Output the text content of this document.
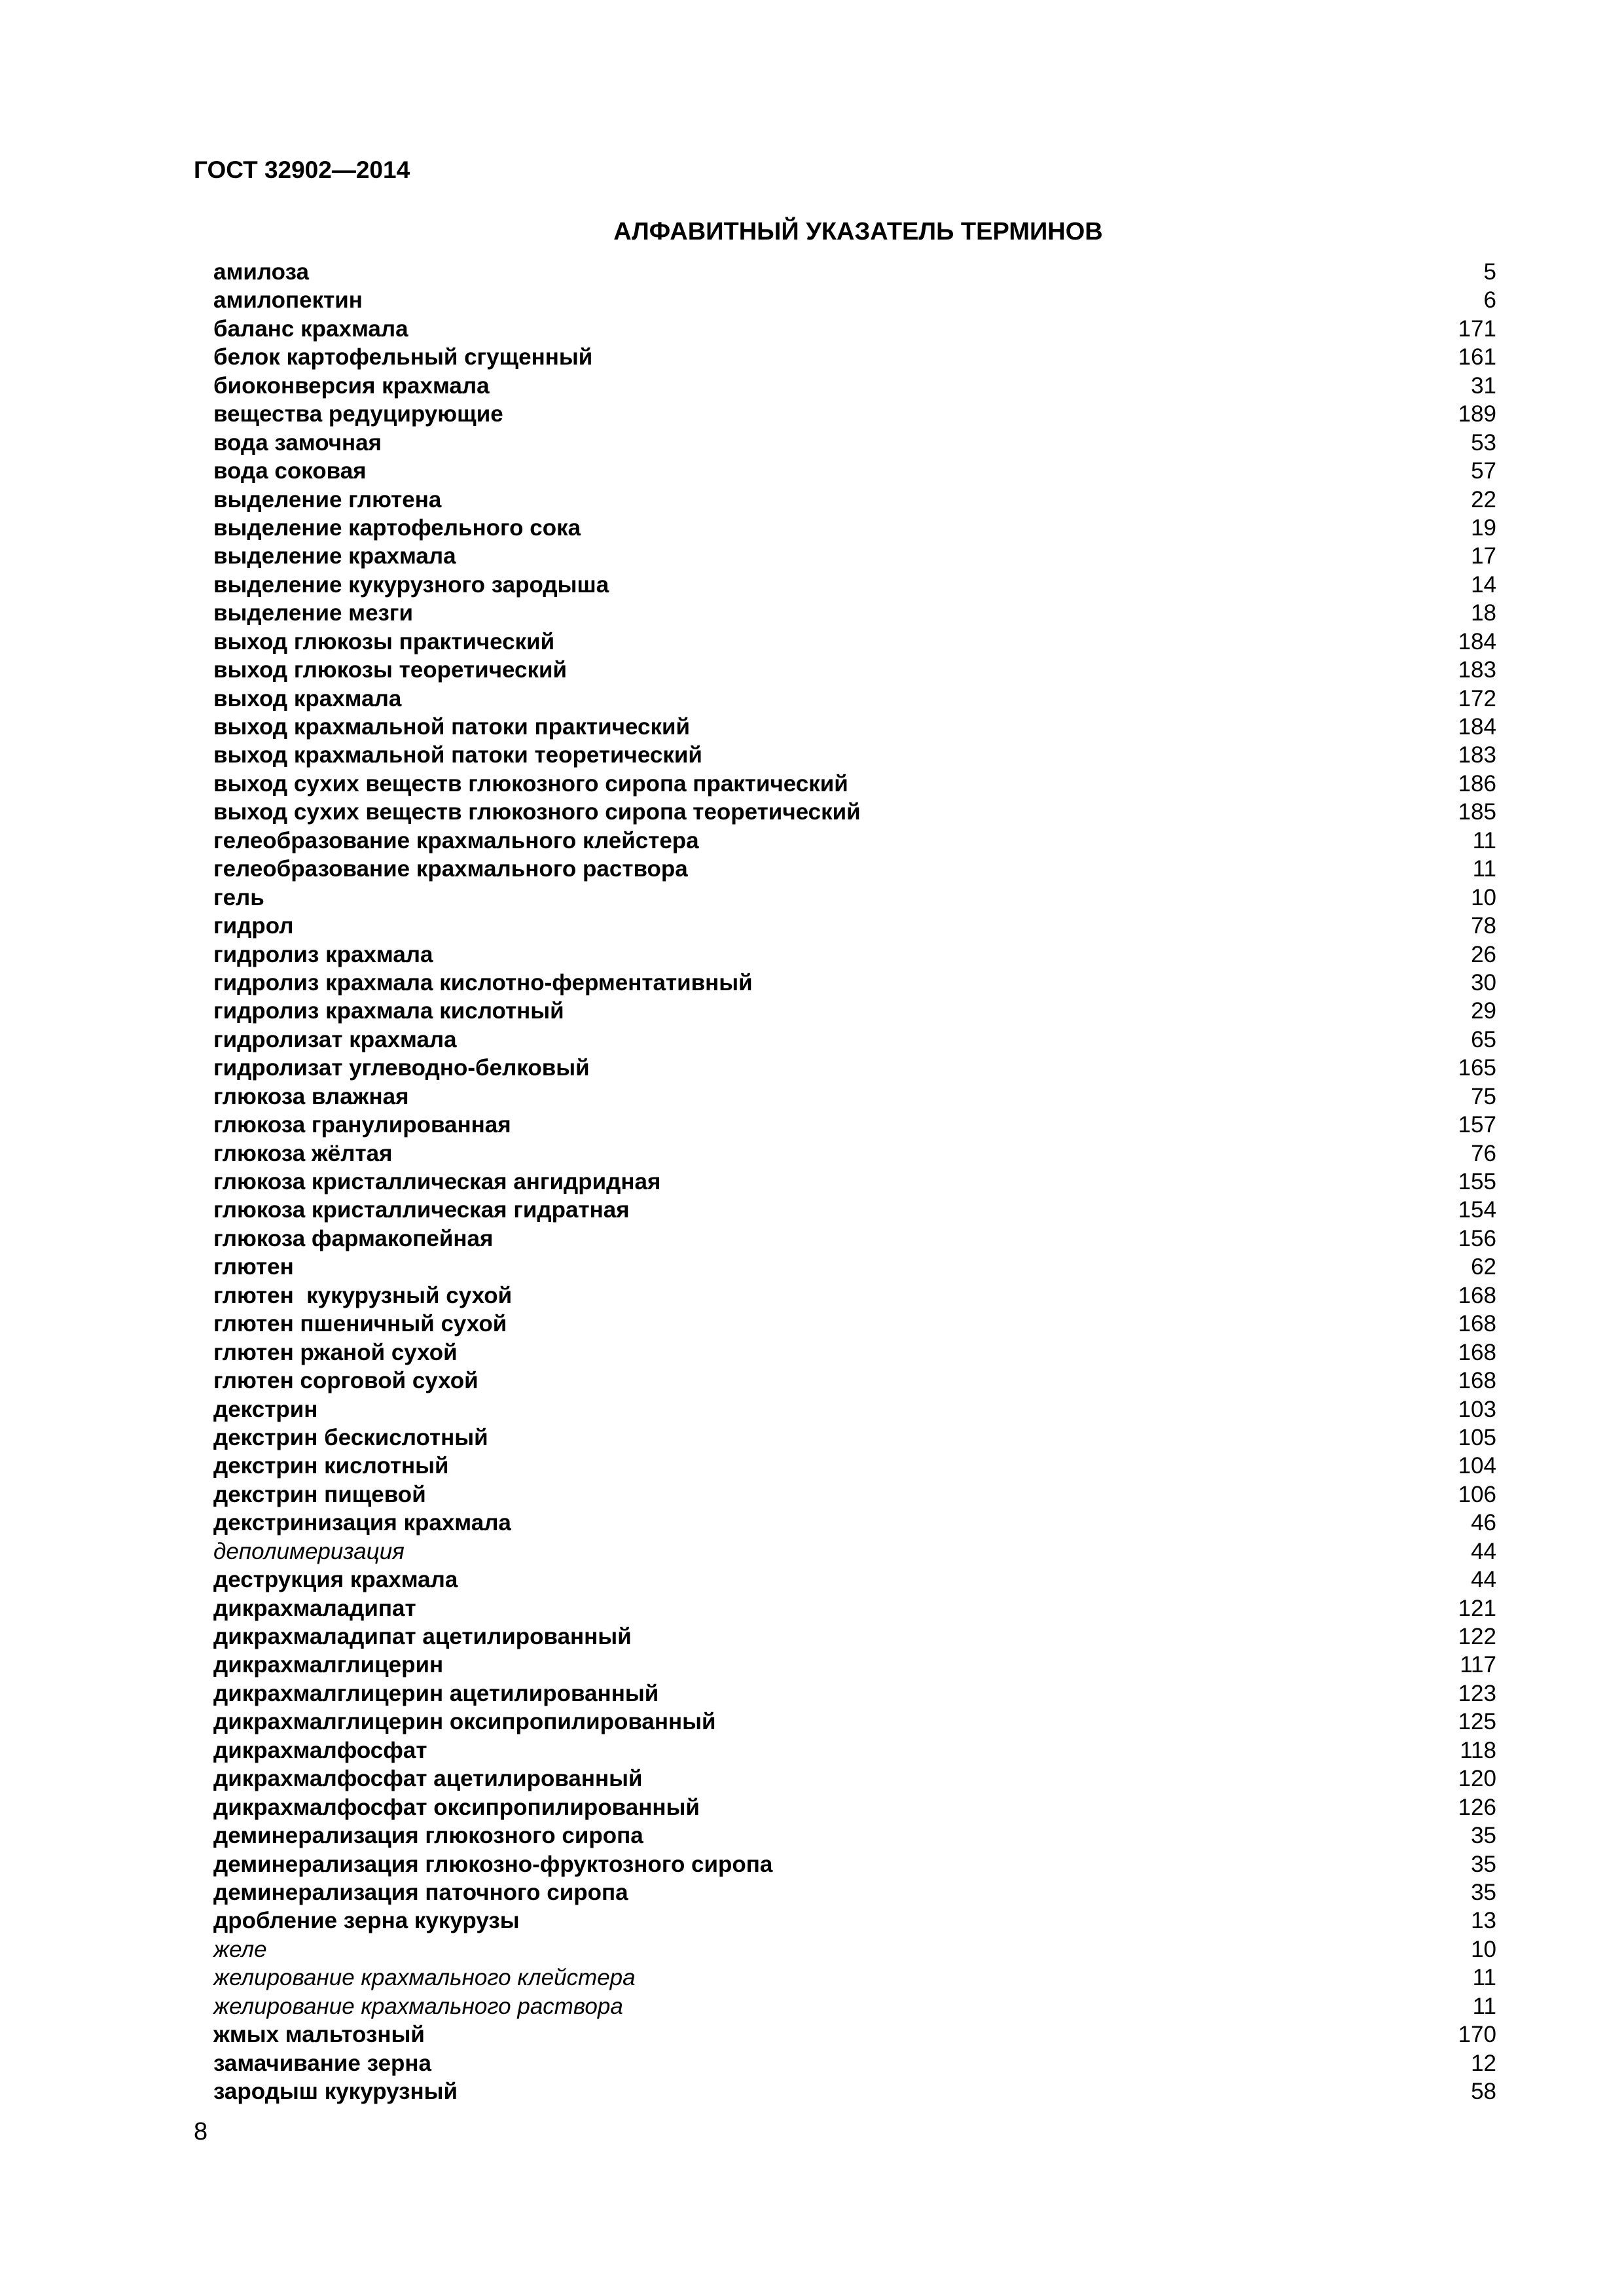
ГОСТ 32902—2014
АЛФАВИТНЫЙ УКАЗАТЕЛЬ ТЕРМИНОВ
амилоза	5
амилопектин	6
баланс крахмала	171
белок картофельный сгущенный	161
биоконверсия крахмала	31
вещества редуцирующие	189
вода замочная	53
вода соковая	57
выделение глютена	22
выделение картофельного сока	19
выделение крахмала	17
выделение кукурузного зародыша	14
выделение мезги	18
выход глюкозы практический	184
выход глюкозы теоретический	183
выход крахмала	172
выход крахмальной патоки практический	184
выход крахмальной патоки теоретический	183
выход сухих веществ глюкозного сиропа практический	186
выход сухих веществ глюкозного сиропа теоретический	185
гелеобразование крахмального клейстера	11
гелеобразование крахмального раствора	11
гель	10
гидрол	78
гидролиз крахмала	26
гидролиз крахмала кислотно-ферментативный	30
гидролиз крахмала кислотный	29
гидролизат крахмала	65
гидролизат углеводно-белковый	165
глюкоза влажная	75
глюкоза гранулированная	157
глюкоза жёлтая	76
глюкоза кристаллическая ангидридная	155
глюкоза кристаллическая гидратная	154
глюкоза фармакопейная	156
глютен	62
глютен  кукурузный сухой	168
глютен пшеничный сухой	168
глютен ржаной сухой	168
глютен сорговой сухой	168
декстрин	103
декстрин бескислотный	105
декстрин кислотный	104
декстрин пищевой	106
декстринизация крахмала	46
деполимеризация	44
деструкция крахмала	44
дикрахмаладипат	121
дикрахмаладипат ацетилированный	122
дикрахмалглицерин	117
дикрахмалглицерин ацетилированный	123
дикрахмалглицерин оксипропилированный	125
дикрахмалфосфат	118
дикрахмалфосфат ацетилированный	120
дикрахмалфосфат оксипропилированный	126
деминерализация глюкозного сиропа	35
деминерализация глюкозно-фруктозного сиропа	35
деминерализация паточного сиропа	35
дробление зерна кукурузы	13
желе	10
желирование крахмального клейстера	11
желирование крахмального раствора	11
жмых мальтозный	170
замачивание зерна	12
зародыш кукурузный	58
8
